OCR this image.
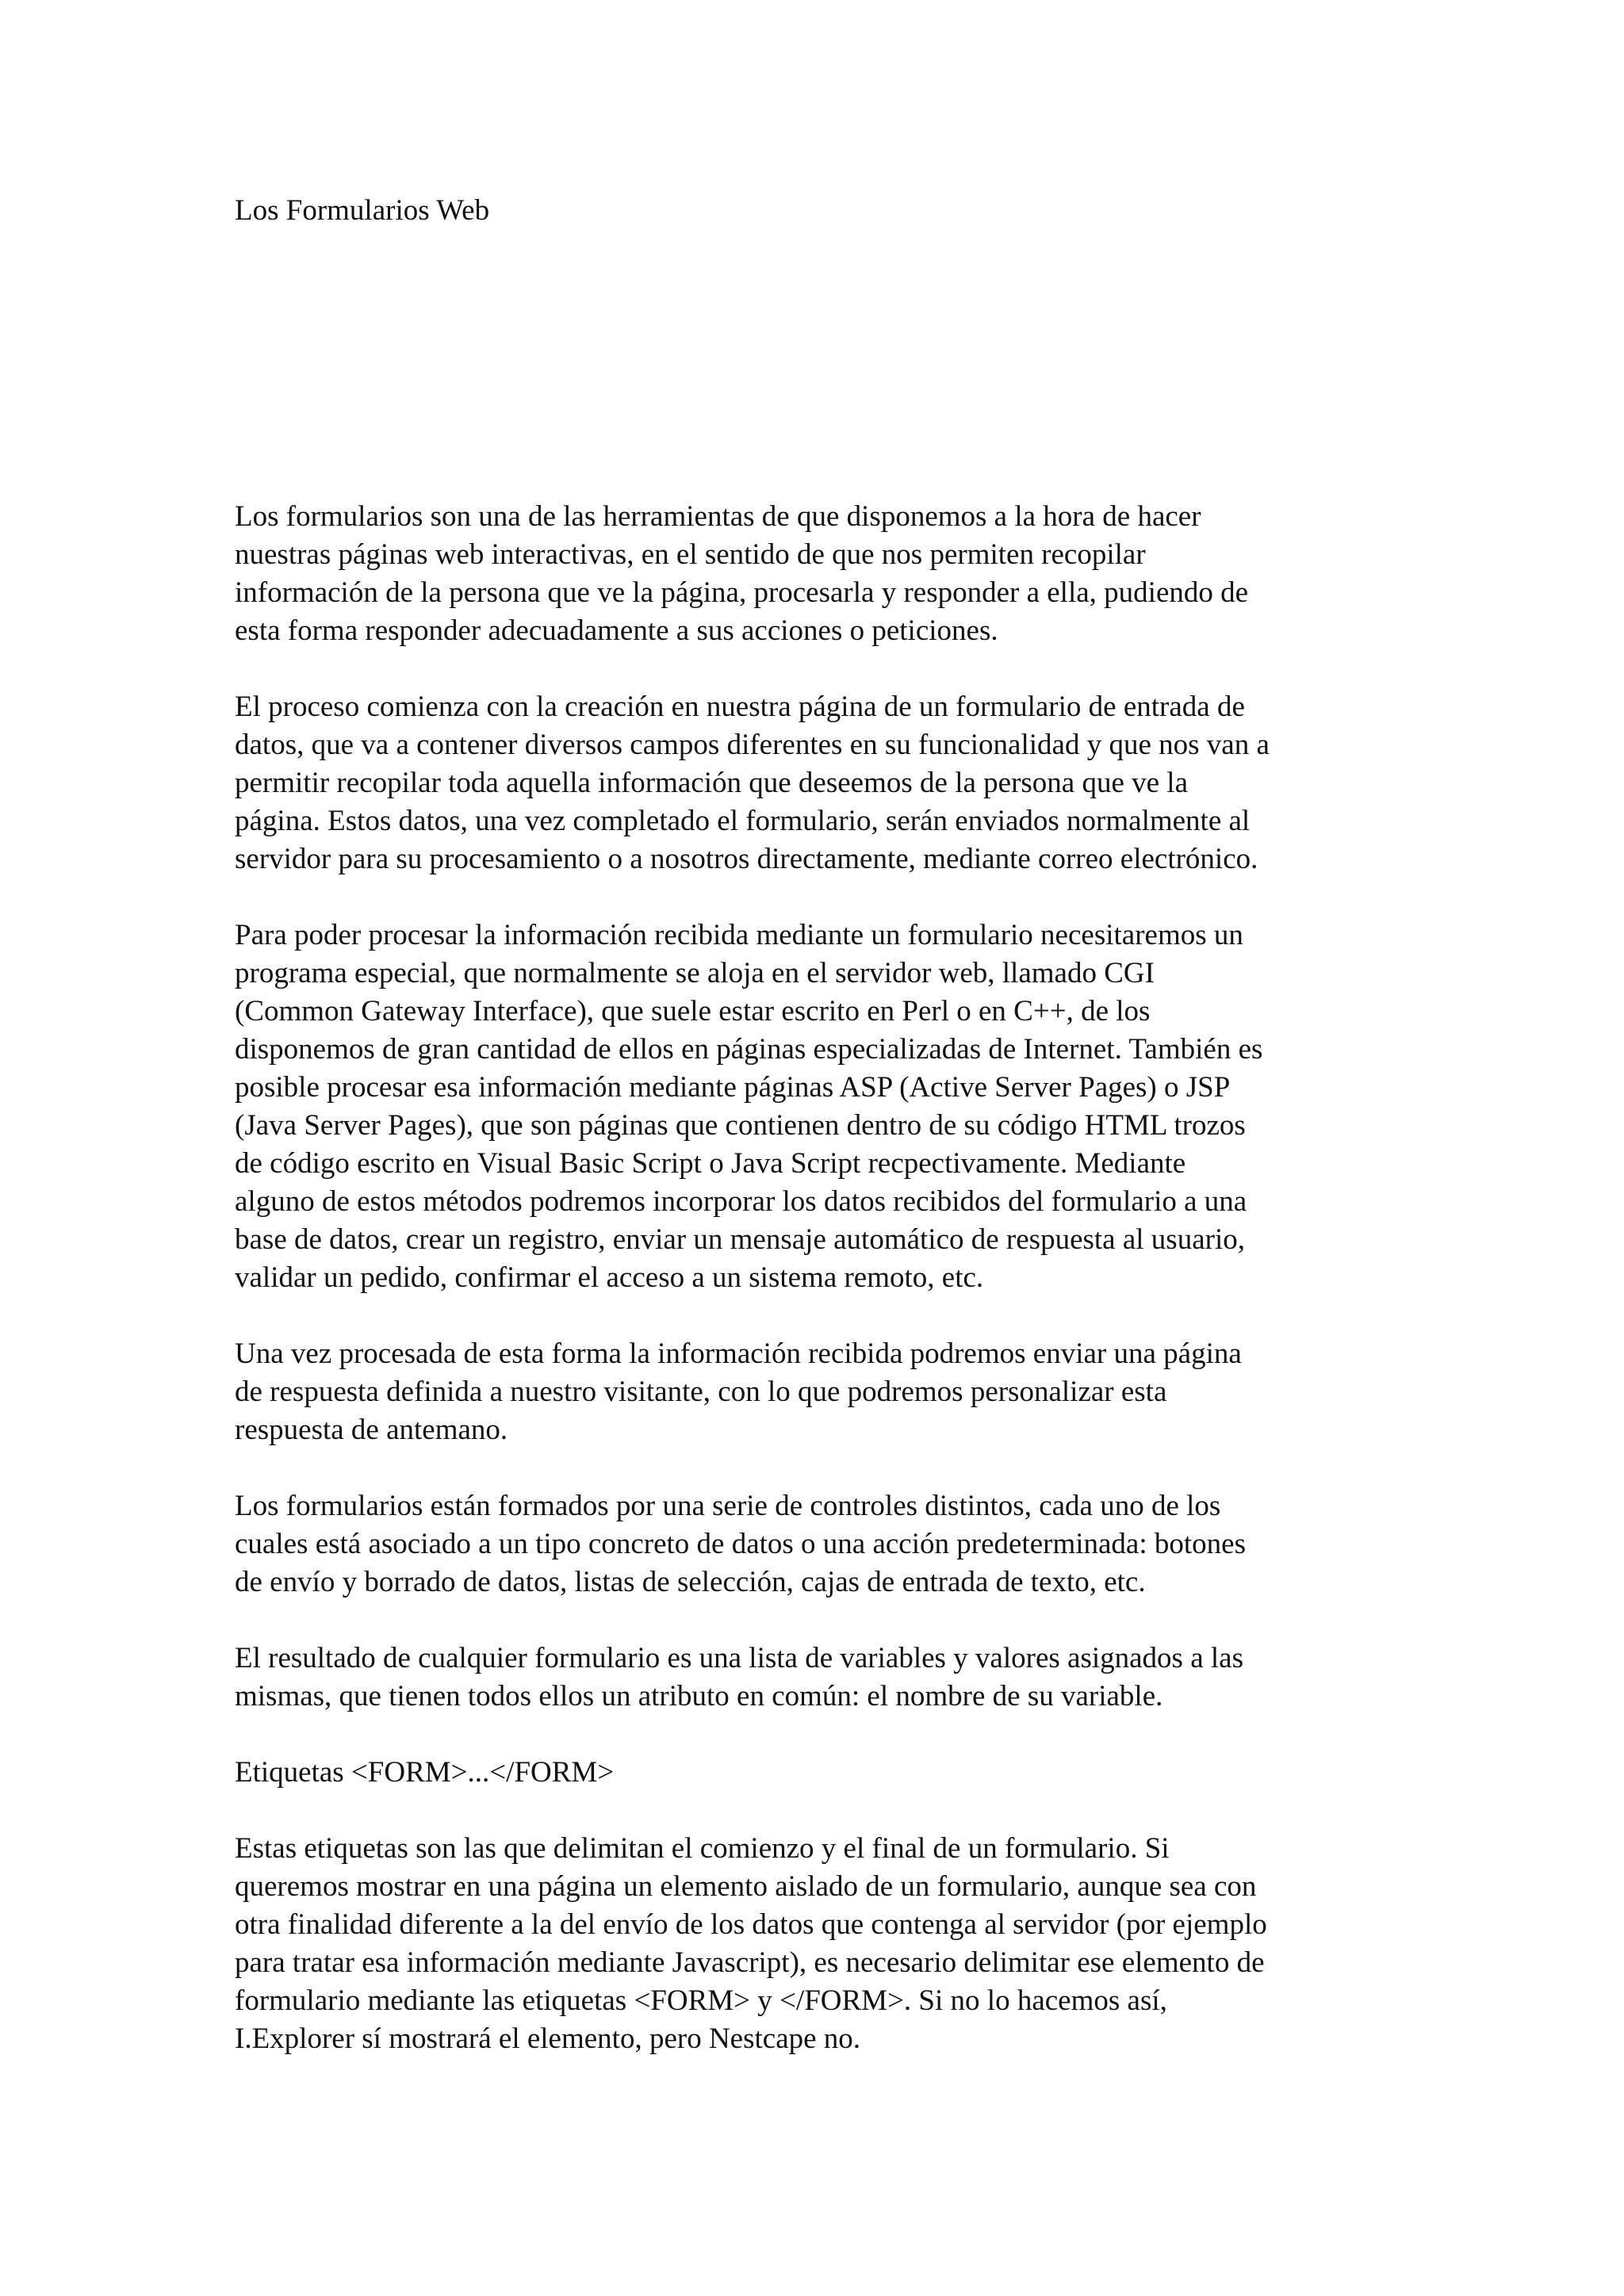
Los Formularios Web

Los formularios son una de las herramientas de que disponemos a la hora de hacer
nuestras páginas web interactivas, en el sentido de que nos permiten recopilar
información de la persona que ve la página, procesarla y responder a ella, pudiendo de
esta forma responder adecuadamente a sus acciones o peticiones.

El proceso comienza con la creación en nuestra página de un formulario de entrada de
datos, que va a contener diversos campos diferentes en su funcionalidad y que nos van a
permitir recopilar toda aquella información que deseemos de la persona que ve la
página. Estos datos, una vez completado el formulario, serán enviados normalmente al
servidor para su procesamiento o a nosotros directamente, mediante correo electrónico.

Para poder procesar la información recibida mediante un formulario necesitaremos un
programa especial, que normalmente se aloja en el servidor web, llamado CGI
(Common Gateway Interface), que suele estar escrito en Perl o en C++, de los
disponemos de gran cantidad de ellos en páginas especializadas de Internet. También es
posible procesar esa información mediante páginas ASP (Active Server Pages) o JSP
(Java Server Pages), que son páginas que contienen dentro de su código HTML trozos
de código escrito en Visual Basic Script o Java Script recpectivamente. Mediante
alguno de estos métodos podremos incorporar los datos recibidos del formulario a una
base de datos, crear un registro, enviar un mensaje automático de respuesta al usuario,
validar un pedido, confirmar el acceso a un sistema remoto, etc.

Una vez procesada de esta forma la información recibida podremos enviar una página
de respuesta definida a nuestro visitante, con lo que podremos personalizar esta
respuesta de antemano.

Los formularios están formados por una serie de controles distintos, cada uno de los
cuales está asociado a un tipo concreto de datos o una acción predeterminada: botones
de envío y borrado de datos, listas de selección, cajas de entrada de texto, etc.

El resultado de cualquier formulario es una lista de variables y valores asignados a las
mismas, que tienen todos ellos un atributo en común: el nombre de su variable.

Etiquetas <FORM>...</FORM>

Estas etiquetas son las que delimitan el comienzo y el final de un formulario. Si
queremos mostrar en una página un elemento aislado de un formulario, aunque sea con
otra finalidad diferente a la del envío de los datos que contenga al servidor (por ejemplo
para tratar esa información mediante Javascript), es necesario delimitar ese elemento de
formulario mediante las etiquetas <FORM> y </FORM>. Si no lo hacemos así,
I.Explorer sí mostrará el elemento, pero Nestcape no.
